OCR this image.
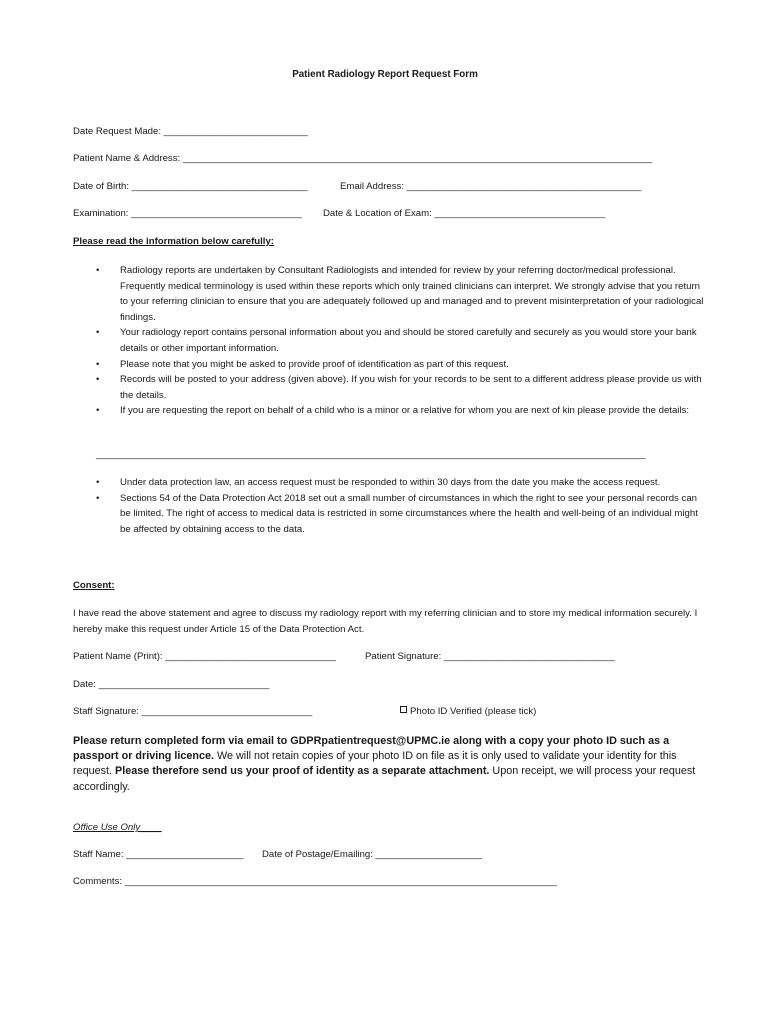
Patient Radiology Report Request Form
Date Request Made: ___________________________
Patient Name & Address: ________________________________________________________________________________________
Date of Birth: _________________________________	Email Address: ____________________________________________
Examination: ________________________________ Date & Location of Exam: ________________________________
Please read the information below carefully:

• Radiology reports are undertaken by Consultant Radiologists and intended for review by your referring doctor/medical professional. Frequently medical terminology is used within these reports which only trained clinicians can interpret. We strongly advise that you return to your referring clinician to ensure that you are adequately followed up and managed and to prevent misinterpretation of your radiological findings.

• Your radiology report contains personal information about you and should be stored carefully and securely as you would store your bank details or other important information.

• Please note that you might be asked to provide proof of identification as part of this request.

• Records will be posted to your address (given above). If you wish for your records to be sent to a different address please provide us with the details.

• If you are requesting the report on behalf of a child who is a minor or a relative for whom you are next of kin please provide the details:

_______________________________________________________________________________________________________

• Under data protection law, an access request must be responded to within 30 days from the date you make the access request.

• Sections 54 of the Data Protection Act 2018 set out a small number of circumstances in which the right to see your personal records can be limited. The right of access to medical data is restricted in some circumstances where the health and well-being of an individual might be affected by obtaining access to the data.

Consent:
I have read the above statement and agree to discuss my radiology report with my referring clinician and to store my medical information securely. I hereby make this request under Article 15 of the Data Protection Act.
Patient Name (Print): ________________________________	Patient Signature: ________________________________
Date: ________________________________
Staff Signature: ________________________________	Photo ID Verified (please tick)
Please return completed form via email to GDPRpatientrequest@UPMC.ie along with a copy your photo ID such as a passport or driving licence. We will not retain copies of your photo ID on file as it is only used to validate your identity for this request. Please therefore send us your proof of identity as a separate attachment. Upon receipt, we will process your request accordingly.
Office Use Only____
Staff Name: ______________________ Date of Postage/Emailing: ____________________
Comments: _________________________________________________________________________________
